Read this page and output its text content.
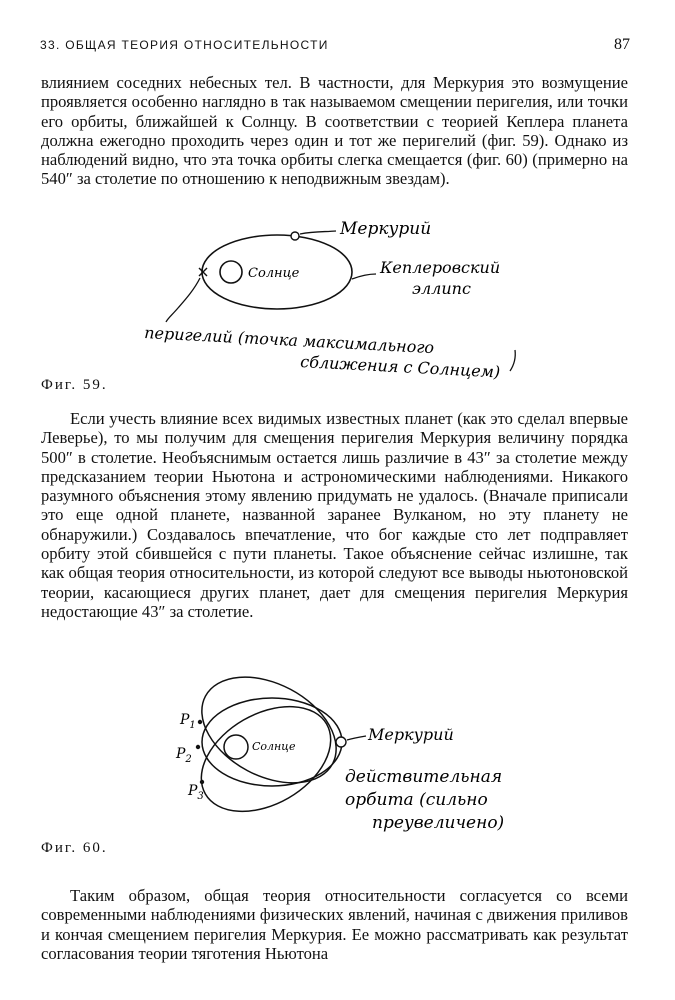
33. ОБЩАЯ ТЕОРИЯ ОТНОСИТЕЛЬНОСТИ	87

влиянием соседних небесных тел. В частности, для Меркурия это возмущение проявляется особенно наглядно в так называемом смещении перигелия, или точки его орбиты, ближайшей к Солнцу. В соответствии с теорией Кеплера планета должна ежегодно проходить через один и тот же перигелий (фиг. 59). Однако из наблюдений видно, что эта точка орбиты слегка смещается (фиг. 60) (примерно на 540″ за столетие по отношению к неподвижным звездам).

Меркурий
Солнце	Кеплеровский
эллипс
перигелий (точка максимального
сближения с Солнцем)
Фиг. 59.

Если учесть влияние всех видимых известных планет (как это сделал впервые Леверье), то мы получим для смещения перигелия Меркурия величину порядка 500″ в столетие. Необъяснимым остается лишь различие в 43″ за столетие между предсказанием теории Ньютона и астрономическими наблюдениями. Никакого разумного объяснения этому явлению придумать не удалось. (Вначале приписали это еще одной планете, названной заранее Вулканом, но эту планету не обнаружили.) Создавалось впечатление, что бог каждые сто лет подправляет орбиту этой сбившейся с пути планеты. Такое объяснение сейчас излишне, так как общая теория относительности, из которой следуют все выводы ньютоновской теории, касающиеся других планет, дает для смещения перигелия Меркурия недостающие 43″ за столетие.

$P_1$
$P_2$
$P_3$
Солнце
Меркурий
действительная
орбита (сильно
преувеличено)
Фиг. 60.

Таким образом, общая теория относительности согласуется со всеми современными наблюдениями физических явлений, начиная с движения приливов и кончая смещением перигелия Меркурия. Ее можно рассматривать как результат согласования теории тяготения Ньютона
